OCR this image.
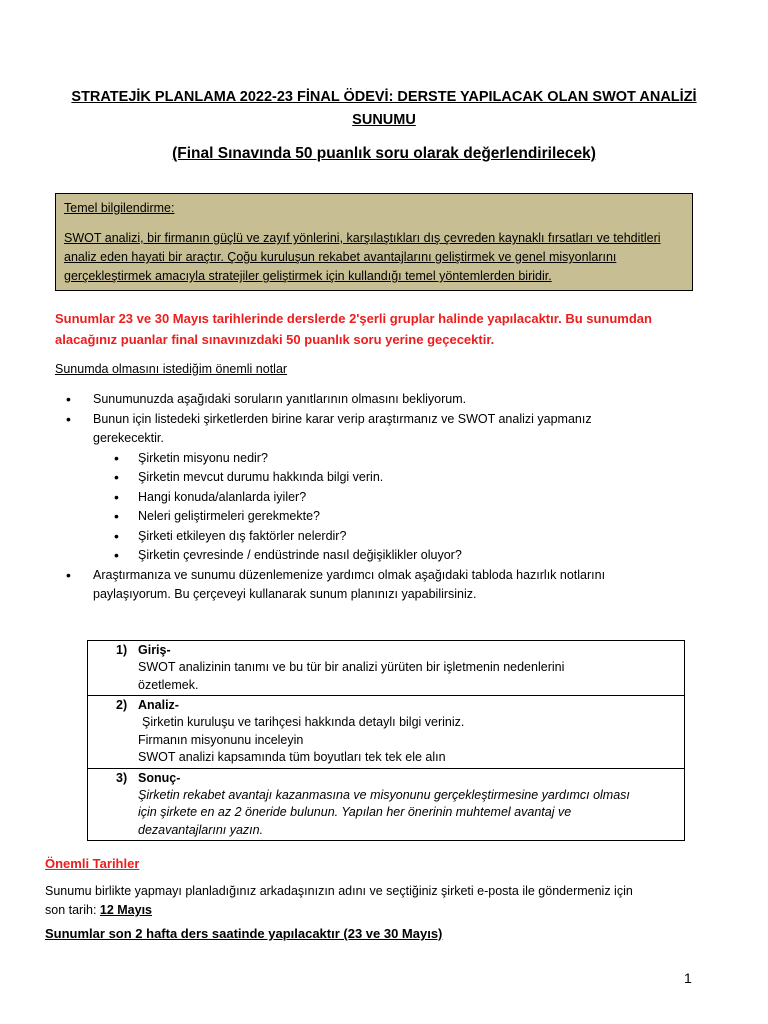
STRATEJİK PLANLAMA 2022-23 FİNAL ÖDEVİ: DERSTE YAPILACAK OLAN SWOT ANALİZİ
SUNUMU
(Final Sınavında 50 puanlık soru olarak değerlendirilecek)
Temel bilgilendirme:
SWOT analizi, bir firmanın güçlü ve zayıf yönlerini, karşılaştıkları dış çevreden kaynaklı fırsatları ve tehditleri
analiz eden hayati bir araçtır. Çoğu kuruluşun rekabet avantajlarını geliştirmek ve genel misyonlarını
gerçekleştirmek amacıyla stratejiler geliştirmek için kullandığı temel yöntemlerden biridir.
Sunumlar 23 ve 30 Mayıs tarihlerinde derslerde 2'şerli gruplar halinde yapılacaktır. Bu sunumdan
alacağınız puanlar final sınavınızdaki 50 puanlık soru yerine geçecektir.
Sunumda olmasını istediğim önemli notlar
• Sunumunuzda aşağıdaki soruların yanıtlarının olmasını bekliyorum.
• Bunun için listedeki şirketlerden birine karar verip araştırmanız ve SWOT analizi yapmanız
gerekecektir.
• Şirketin misyonu nedir?
• Şirketin mevcut durumu hakkında bilgi verin.
• Hangi konuda/alanlarda iyiler?
• Neleri geliştirmeleri gerekmekte?
• Şirketi etkileyen dış faktörler nelerdir?
• Şirketin çevresinde / endüstrinde nasıl değişiklikler oluyor?
• Araştırmanıza ve sunumu düzenlemenize yardımcı olmak aşağıdaki tabloda hazırlık notlarını
paylaşıyorum. Bu çerçeveyi kullanarak sunum planınızı yapabilirsiniz.
1) Giriş-
SWOT analizinin tanımı ve bu tür bir analizi yürüten bir işletmenin nedenlerini
özetlemek.
2) Analiz-
Şirketin kuruluşu ve tarihçesi hakkında detaylı bilgi veriniz.
Firmanın misyonunu inceleyin
SWOT analizi kapsamında tüm boyutları tek tek ele alın
3) Sonuç-
Şirketin rekabet avantajı kazanmasına ve misyonunu gerçekleştirmesine yardımcı olması
için şirkete en az 2 öneride bulunun. Yapılan her önerinin muhtemel avantaj ve
dezavantajlarını yazın.
Önemli Tarihler
Sunumu birlikte yapmayı planladığınız arkadaşınızın adını ve seçtiğiniz şirketi e-posta ile göndermeniz için
son tarih: 12 Mayıs
Sunumlar son 2 hafta ders saatinde yapılacaktır (23 ve 30 Mayıs)
1
